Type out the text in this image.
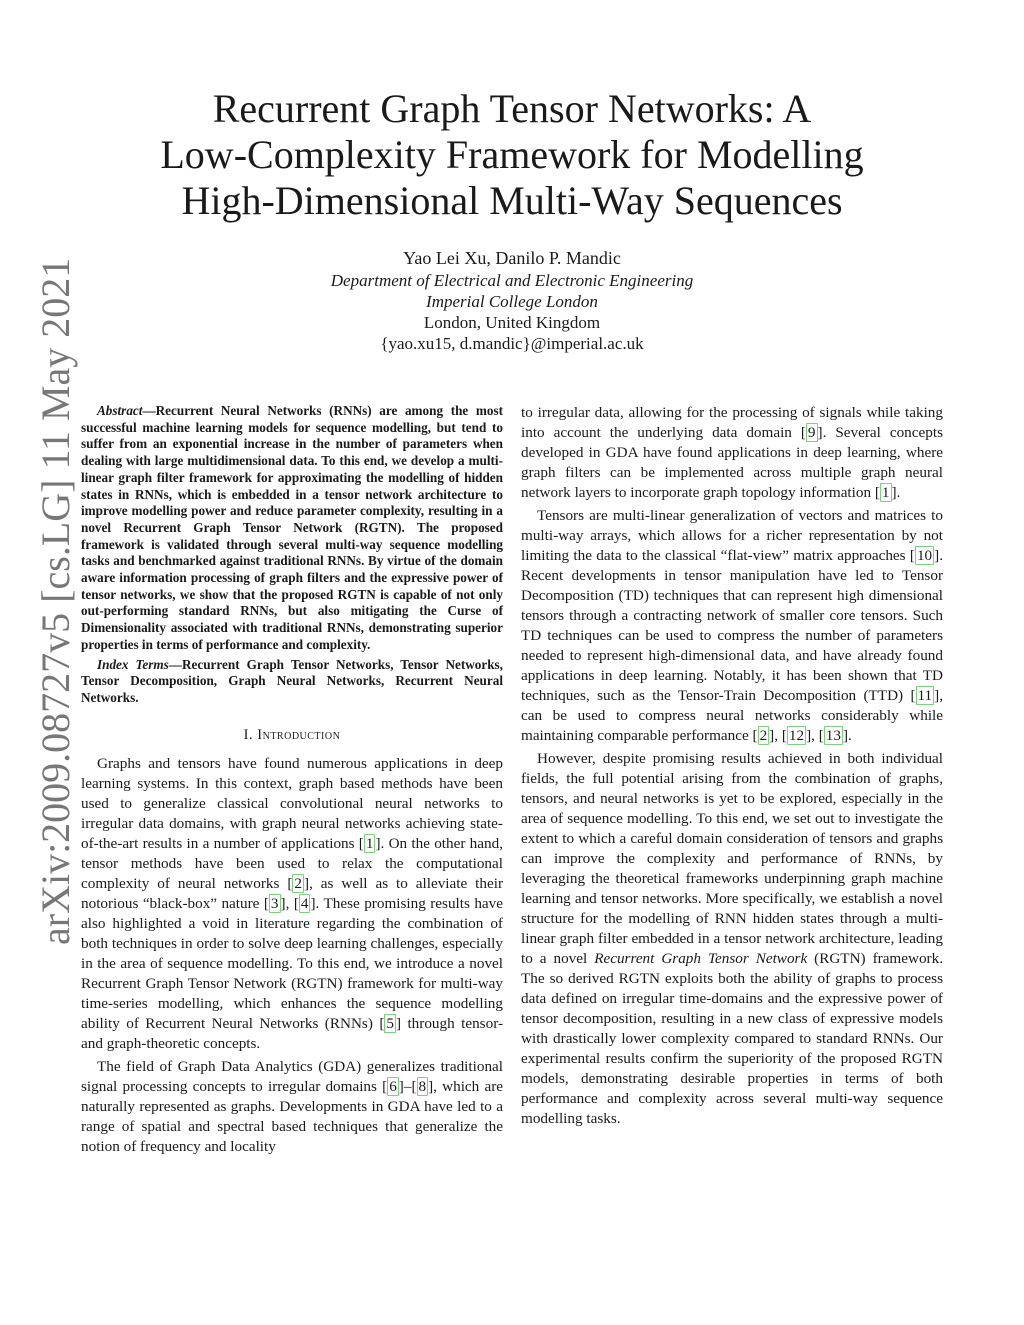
arXiv:2009.08727v5 [cs.LG] 11 May 2021
Recurrent Graph Tensor Networks: A
Low-Complexity Framework for Modelling
High-Dimensional Multi-Way Sequences
Yao Lei Xu, Danilo P. Mandic
Department of Electrical and Electronic Engineering
Imperial College London
London, United Kingdom
{yao.xu15, d.mandic}@imperial.ac.uk

Abstract—Recurrent Neural Networks (RNNs) are among the most successful machine learning models for sequence modelling, but tend to suffer from an exponential increase in the number of parameters when dealing with large multidimensional data. To this end, we develop a multi-linear graph filter framework for approximating the modelling of hidden states in RNNs, which is embedded in a tensor network architecture to improve modelling power and reduce parameter complexity, resulting in a novel Recurrent Graph Tensor Network (RGTN). The proposed framework is validated through several multi-way sequence modelling tasks and benchmarked against traditional RNNs. By virtue of the domain aware information processing of graph filters and the expressive power of tensor networks, we show that the proposed RGTN is capable of not only out-performing standard RNNs, but also mitigating the Curse of Dimensionality associated with traditional RNNs, demonstrating superior properties in terms of performance and complexity.

Index Terms—Recurrent Graph Tensor Networks, Tensor Networks, Tensor Decomposition, Graph Neural Networks, Recurrent Neural Networks.

I. Introduction

Graphs and tensors have found numerous applications in deep learning systems. In this context, graph based methods have been used to generalize classical convolutional neural networks to irregular data domains, with graph neural networks achieving state-of-the-art results in a number of applications [ 1 ]. On the other hand, tensor methods have been used to relax the computational complexity of neural networks [ 2 ], as well as to alleviate their notorious “black-box” nature [ 3 ], [ 4 ]. These promising results have also highlighted a void in literature regarding the combination of both techniques in order to solve deep learning challenges, especially in the area of sequence modelling. To this end, we introduce a novel Recurrent Graph Tensor Network (RGTN) framework for multi-way time-series modelling, which enhances the sequence modelling ability of Recurrent Neural Networks (RNNs) [ 5 ] through tensor- and graph-theoretic concepts.

The field of Graph Data Analytics (GDA) generalizes traditional signal processing concepts to irregular domains [ 6 ]–[ 8 ], which are naturally represented as graphs. Developments in GDA have led to a range of spatial and spectral based techniques that generalize the notion of frequency and locality

to irregular data, allowing for the processing of signals while taking into account the underlying data domain [ 9 ]. Several concepts developed in GDA have found applications in deep learning, where graph filters can be implemented across multiple graph neural network layers to incorporate graph topology information [ 1 ].

Tensors are multi-linear generalization of vectors and matrices to multi-way arrays, which allows for a richer representation by not limiting the data to the classical “flat-view” matrix approaches [ 10 ]. Recent developments in tensor manipulation have led to Tensor Decomposition (TD) techniques that can represent high dimensional tensors through a contracting network of smaller core tensors. Such TD techniques can be used to compress the number of parameters needed to represent high-dimensional data, and have already found applications in deep learning. Notably, it has been shown that TD techniques, such as the Tensor-Train Decomposition (TTD) [ 11 ], can be used to compress neural networks considerably while maintaining comparable performance [ 2 ], [ 12 ], [ 13 ].

However, despite promising results achieved in both individual fields, the full potential arising from the combination of graphs, tensors, and neural networks is yet to be explored, especially in the area of sequence modelling. To this end, we set out to investigate the extent to which a careful domain consideration of tensors and graphs can improve the complexity and performance of RNNs, by leveraging the theoretical frameworks underpinning graph machine learning and tensor networks. More specifically, we establish a novel structure for the modelling of RNN hidden states through a multi-linear graph filter embedded in a tensor network architecture, leading to a novel Recurrent Graph Tensor Network (RGTN) framework. The so derived RGTN exploits both the ability of graphs to process data defined on irregular time-domains and the expressive power of tensor decomposition, resulting in a new class of expressive models with drastically lower complexity compared to standard RNNs. Our experimental results confirm the superiority of the proposed RGTN models, demonstrating desirable properties in terms of both performance and complexity across several multi-way sequence modelling tasks.
